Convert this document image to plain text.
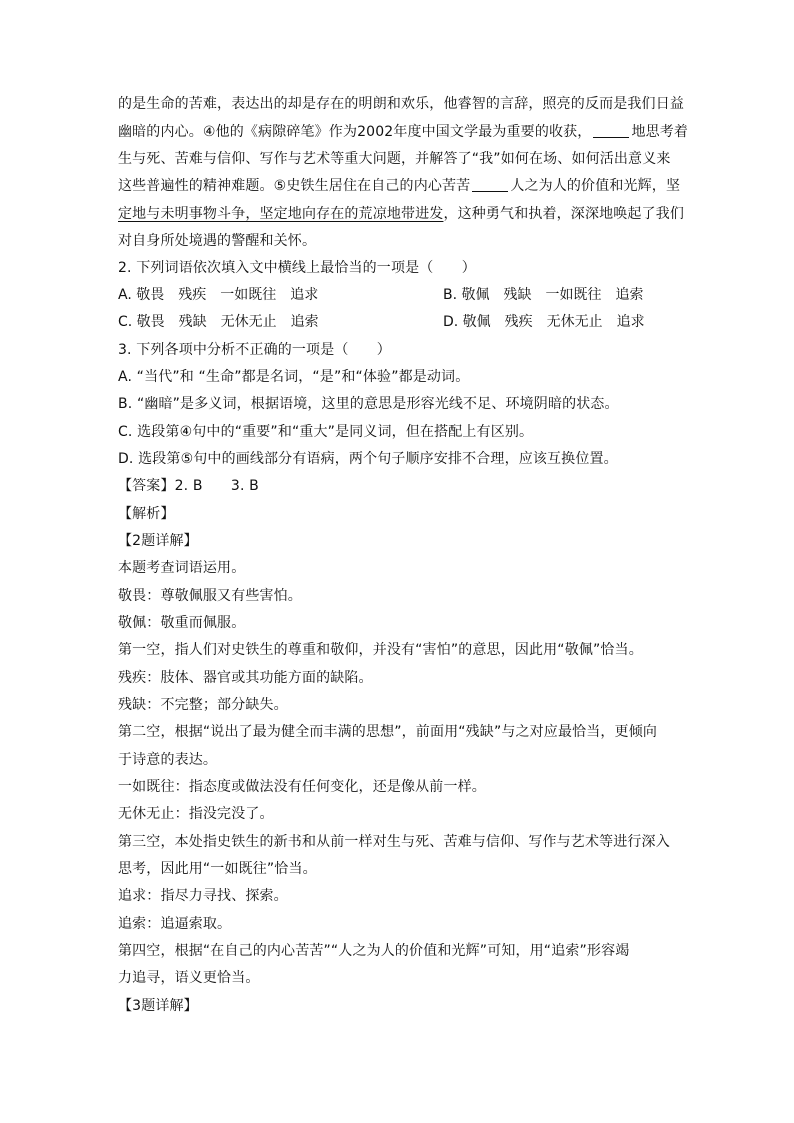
的是生命的苦难，表达出的却是存在的明朗和欢乐，他睿智的言辞，照亮的反而是我们日益
幽暗的内心。④他的《病隙碎笔》作为2002年度中国文学最为重要的收获，	地思考着
生与死、苦难与信仰、写作与艺术等重大问题，并解答了“我”如何在场、如何活出意义来
这些普遍性的精神难题。⑤史铁生居住在自己的内心苦苦	人之为人的价值和光辉，坚
定地与未明事物斗争，坚定地向存在的荒凉地带进发，这种勇气和执着，深深地唤起了我们
对自身所处境遇的警醒和关怀。
2. 下列词语依次填入文中横线上最恰当的一项是（　　）
A. 敬畏　残疾　一如既往　追求	B. 敬佩　残缺　一如既往　追索
C. 敬畏　残缺　无休无止　追索	D. 敬佩　残疾　无休无止　追求
3. 下列各项中分析不正确的一项是（　　）
A. “当代”和 “生命”都是名词，“是”和“体验”都是动词。
B. “幽暗”是多义词，根据语境，这里的意思是形容光线不足、环境阴暗的状态。
C. 选段第④句中的“重要”和“重大”是同义词，但在搭配上有区别。
D. 选段第⑤句中的画线部分有语病，两个句子顺序安排不合理，应该互换位置。
【答案】2. B　　3. B
【解析】
【2题详解】
本题考查词语运用。
敬畏：尊敬佩服又有些害怕。
敬佩：敬重而佩服。
第一空，指人们对史铁生的尊重和敬仰，并没有“害怕”的意思，因此用“敬佩”恰当。
残疾：肢体、器官或其功能方面的缺陷。
残缺：不完整；部分缺失。
第二空，根据“说出了最为健全而丰满的思想”，前面用“残缺”与之对应最恰当，更倾向
于诗意的表达。
一如既往：指态度或做法没有任何变化，还是像从前一样。
无休无止：指没完没了。
第三空，本处指史铁生的新书和从前一样对生与死、苦难与信仰、写作与艺术等进行深入
思考，因此用“一如既往”恰当。
追求：指尽力寻找、探索。
追索：追逼索取。
第四空，根据“在自己的内心苦苦”“人之为人的价值和光辉”可知，用“追索”形容竭
力追寻，语义更恰当。
【3题详解】
